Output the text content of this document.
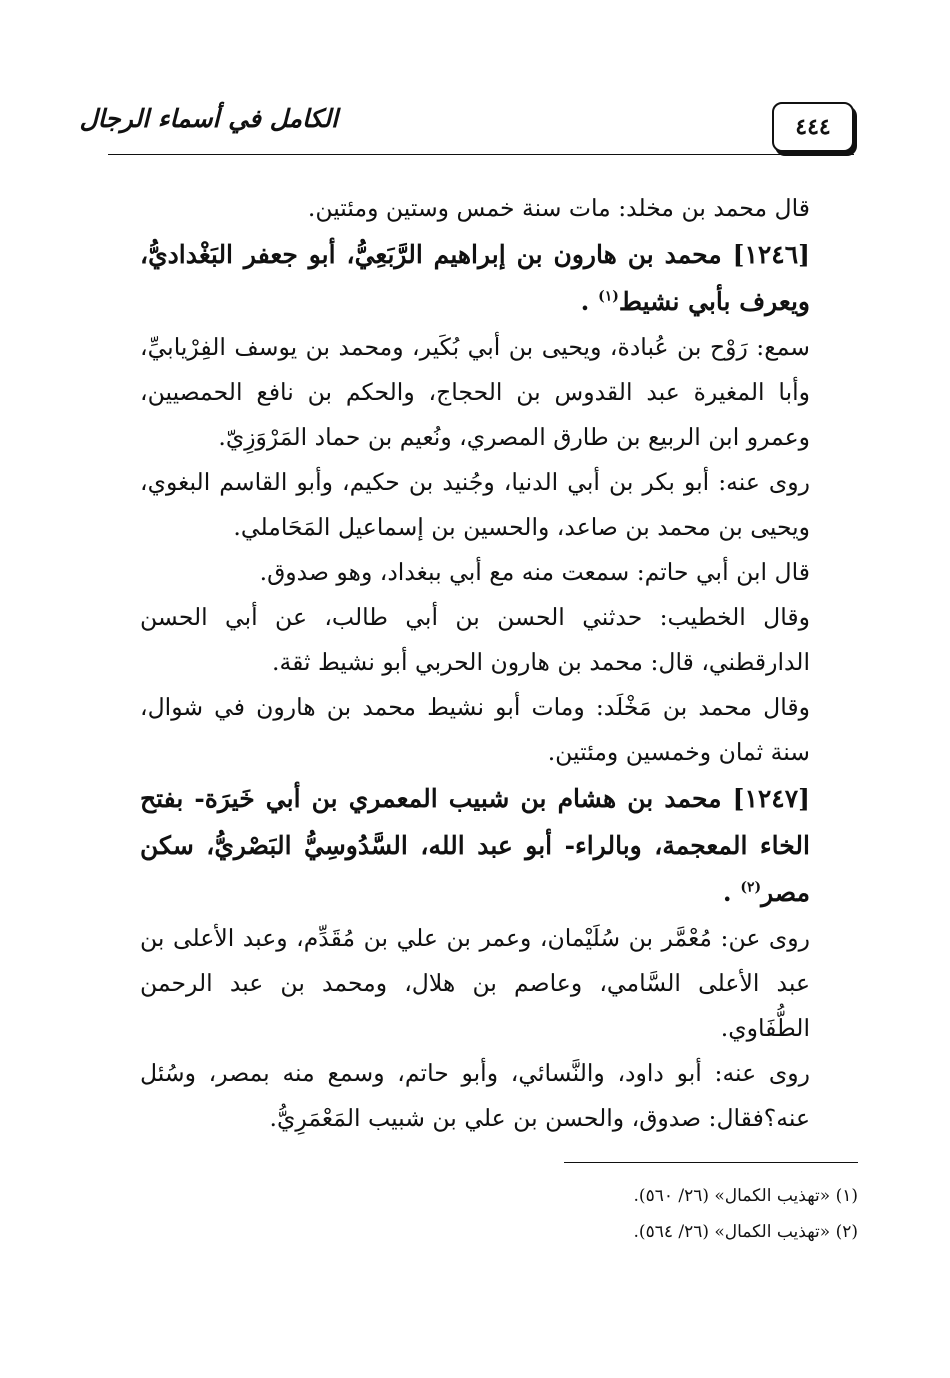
الكامل في أسماء الرجال	٤٤٤

قال محمد بن مخلد: مات سنة خمس وستين ومئتين.

[١٢٤٦] محمد بن هارون بن إبراهيم الرَّبَعِيُّ، أبو جعفر البَغْداديُّ، ويعرف بأبي نشيط$^{(١)}$ .

سمع: رَوْح بن عُبادة، ويحيى بن أبي بُكَير، ومحمد بن يوسف الفِرْيابيِّ، وأبا المغيرة عبد القدوس بن الحجاج، والحكم بن نافع الحمصيين، وعمرو ابن الربيع بن طارق المصري، ونُعيم بن حماد المَرْوَزِيّ.

روى عنه: أبو بكر بن أبي الدنيا، وجُنيد بن حكيم، وأبو القاسم البغوي، ويحيى بن محمد بن صاعد، والحسين بن إسماعيل المَحَاملي.

قال ابن أبي حاتم: سمعت منه مع أبي ببغداد، وهو صدوق.

وقال الخطيب: حدثني الحسن بن أبي طالب، عن أبي الحسن الدارقطني، قال: محمد بن هارون الحربي أبو نشيط ثقة.

وقال محمد بن مَخْلَد: ومات أبو نشيط محمد بن هارون في شوال، سنة ثمان وخمسين ومئتين.

[١٢٤٧] محمد بن هشام بن شبيب المعمري بن أبي خَيرَة- بفتح الخاء المعجمة، وبالراء- أبو عبد الله، السَّدُوسِيُّ البَصْريُّ، سكن مصر$^{(٢)}$ .

روى عن: مُعْمَّر بن سُلَيْمان، وعمر بن علي بن مُقَدِّم، وعبد الأعلى بن عبد الأعلى السَّامي، وعاصم بن هلال، ومحمد بن عبد الرحمن الطُّفَاوي.

روى عنه: أبو داود، والنَّسائي، وأبو حاتم، وسمع منه بمصر، وسُئل عنه؟فقال: صدوق، والحسن بن علي بن شبيب المَعْمَرِيُّ.

(١) «تهذيب الكمال» (٢٦/ ٥٦٠).

(٢) «تهذيب الكمال» (٢٦/ ٥٦٤).
